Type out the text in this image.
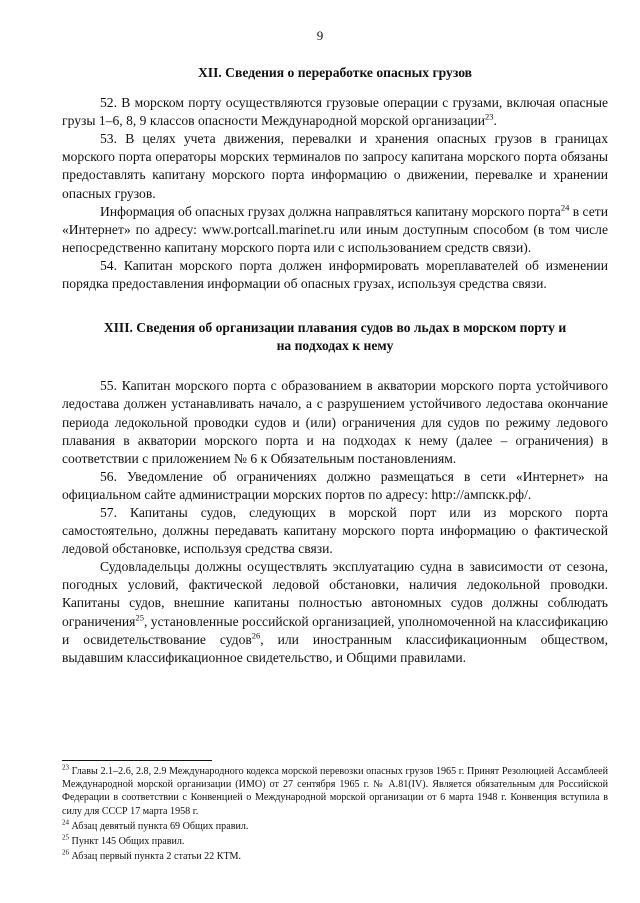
9

XII. Сведения о переработке опасных грузов

52. В морском порту осуществляются грузовые операции с грузами, включая опасные грузы 1–6, 8, 9 классов опасности Международной морской организации$^{23}$.

53. В целях учета движения, перевалки и хранения опасных грузов в границах морского порта операторы морских терминалов по запросу капитана морского порта обязаны предоставлять капитану морского порта информацию о движении, перевалке и хранении опасных грузов.

Информация об опасных грузах должна направляться капитану морского порта$^{24}$ в сети «Интернет» по адресу: www.portcall.marinet.ru или иным доступным способом (в том числе непосредственно капитану морского порта или с использованием средств связи).

54. Капитан морского порта должен информировать мореплавателей об изменении порядка предоставления информации об опасных грузах, используя средства связи.

XIII. Сведения об организации плавания судов во льдах в морском порту и на подходах к нему

55. Капитан морского порта с образованием в акватории морского порта устойчивого ледостава должен устанавливать начало, а с разрушением устойчивого ледостава окончание периода ледокольной проводки судов и (или) ограничения для судов по режиму ледового плавания в акватории морского порта и на подходах к нему (далее – ограничения) в соответствии с приложением № 6 к Обязательным постановлениям.

56. Уведомление об ограничениях должно размещаться в сети «Интернет» на официальном сайте администрации морских портов по адресу: http://ампскк.рф/.

57. Капитаны судов, следующих в морской порт или из морского порта самостоятельно, должны передавать капитану морского порта информацию о фактической ледовой обстановке, используя средства связи.

Судовладельцы должны осуществлять эксплуатацию судна в зависимости от сезона, погодных условий, фактической ледовой обстановки, наличия ледокольной проводки. Капитаны судов, внешние капитаны полностью автономных судов должны соблюдать ограничения$^{25}$, установленные российской организацией, уполномоченной на классификацию и освидетельствование судов$^{26}$, или иностранным классификационным обществом, выдавшим классификационное свидетельство, и Общими правилами.

$^{23}$ Главы 2.1–2.6, 2.8, 2.9 Международного кодекса морской перевозки опасных грузов 1965 г. Принят Резолюцией Ассамблеей Международной морской организации (ИМО) от 27 сентября 1965 г. № A.81(IV). Является обязательным для Российской Федерации в соответствии с Конвенцией о Международной морской организации от 6 марта 1948 г. Конвенция вступила в силу для СССР 17 марта 1958 г.

$^{24}$ Абзац девятый пункта 69 Общих правил.

$^{25}$ Пункт 145 Общих правил.

$^{26}$ Абзац первый пункта 2 статьи 22 КТМ.
